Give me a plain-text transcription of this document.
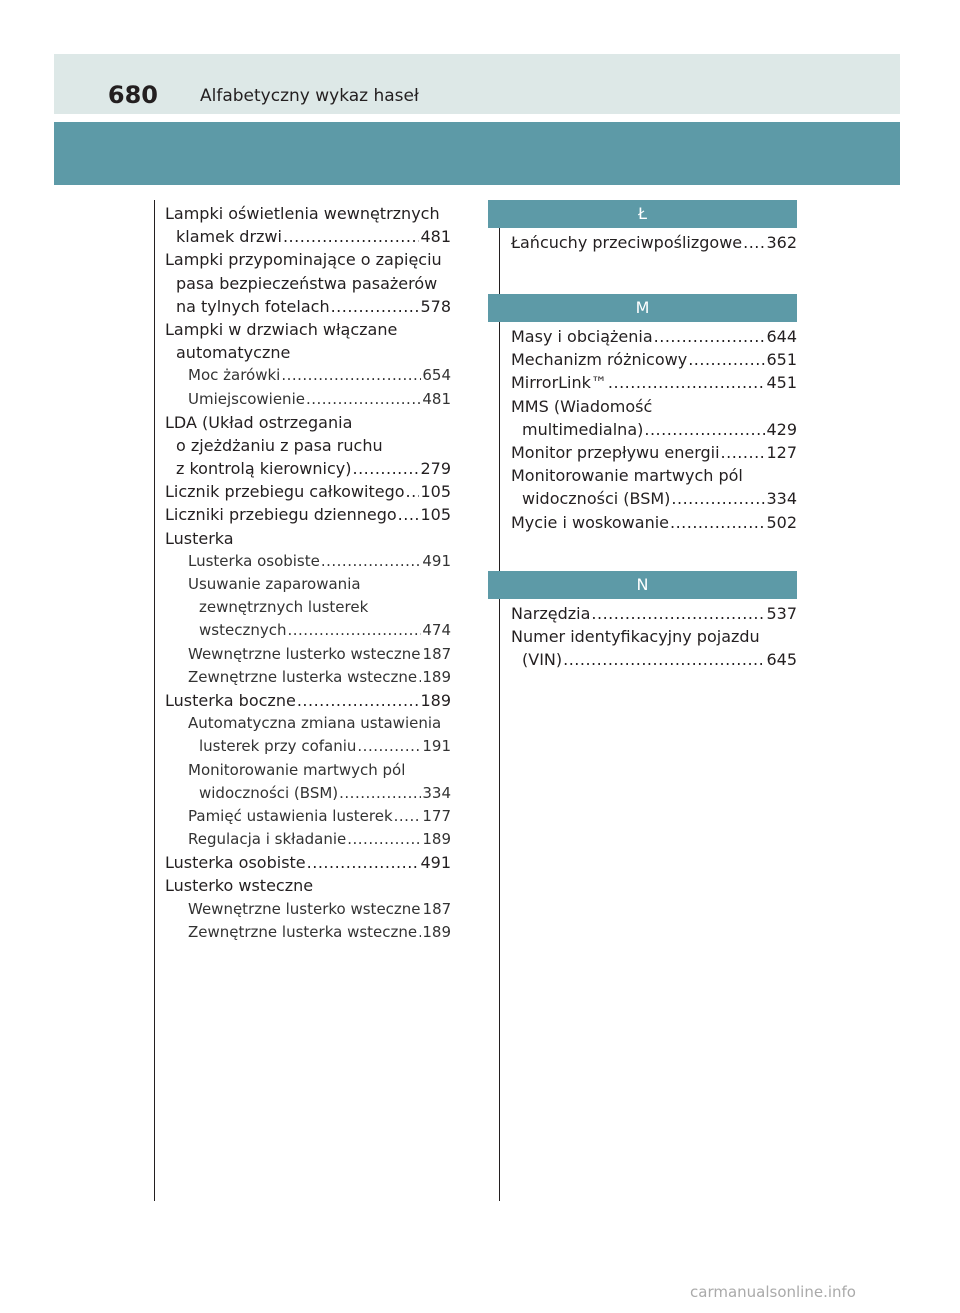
680 Alfabetyczny wykaz haseł
Lampki oświetlenia wewnętrznych
klamek drzwi .....	481
Lampki przypominające o zapięciu
pasa bezpieczeństwa pasażerów
na tylnych fotelach .....	578
Lampki w drzwiach włączane
automatyczne
Moc żarówki .....	654
Umiejscowienie .....	481
LDA (Układ ostrzegania
o zjeżdżaniu z pasa ruchu
z kontrolą kierownicy) .....	279
Licznik przebiegu całkowitego ..... 105
Liczniki przebiegu dziennego ..... 105
Lusterka
Lusterka osobiste .....	491
Usuwanie zaparowania
zewnętrznych lusterek
wstecznych .....	474
Wewnętrzne lusterko wsteczne 187
Zewnętrzne lusterka wsteczne ..... 189
Lusterka boczne .....	189
Automatyczna zmiana ustawienia
lusterek przy cofaniu .....	191
Monitorowanie martwych pól
widoczności (BSM) .....	334
Pamięć ustawienia lusterek ..... 177
Regulacja i składanie .....	189
Lusterka osobiste .....	491
Lusterko wsteczne
Wewnętrzne lusterko wsteczne 187
Zewnętrzne lusterka wsteczne ..... 189
Ł
Łańcuchy przeciwpoślizgowe ..... 362
M
Masy i obciążenia .....	644
Mechanizm różnicowy .....	651
MirrorLink™ .....	451
MMS (Wiadomość
multimedialna) .....	429
Monitor przepływu energii .....	127
Monitorowanie martwych pól
widoczności (BSM) .....	334
Mycie i woskowanie .....	502
N
Narzędzia .....	537
Numer identyfikacyjny pojazdu
(VIN) .....	645
carmanualsonline.info
